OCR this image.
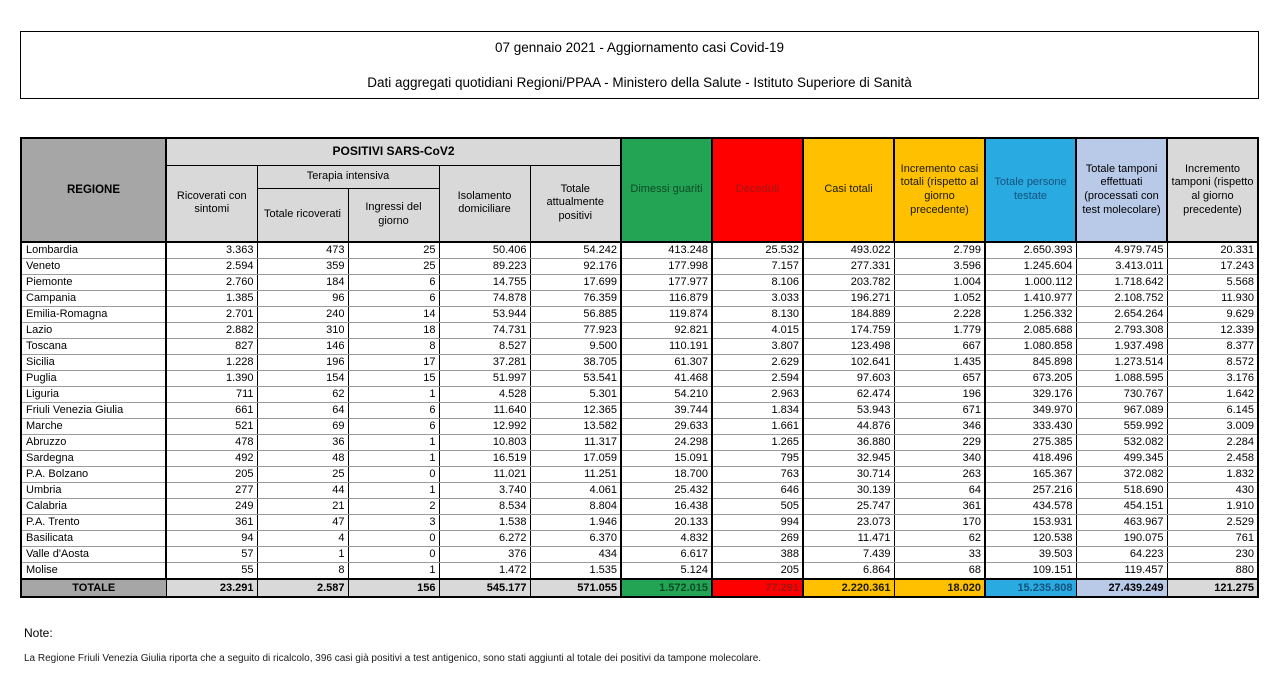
07 gennaio 2021 - Aggiornamento casi Covid-19
Dati aggregati quotidiani Regioni/PPAA - Ministero della Salute - Istituto Superiore di Sanità
REGIONE	POSITIVI SARS-CoV2					Dimessi guariti	Deceduti	Casi totali	Incremento casi totali (rispetto al giorno precedente)	Totale persone testate	Totale tamponi effettuati (processati con test molecolare)	Incremento tamponi (rispetto al giorno precedente)
	Ricoverati con sintomi	Terapia intensiva		Isolamento domiciliare	Totale attualmente positivi							
		Totale ricoverati	Ingressi del giorno									
Lombardia	3.363	473	25	50.406	54.242	413.248	25.532	493.022	2.799	2.650.393	4.979.745	20.331
Veneto	2.594	359	25	89.223	92.176	177.998	7.157	277.331	3.596	1.245.604	3.413.011	17.243
Piemonte	2.760	184	6	14.755	17.699	177.977	8.106	203.782	1.004	1.000.112	1.718.642	5.568
Campania	1.385	96	6	74.878	76.359	116.879	3.033	196.271	1.052	1.410.977	2.108.752	11.930
Emilia-Romagna	2.701	240	14	53.944	56.885	119.874	8.130	184.889	2.228	1.256.332	2.654.264	9.629
Lazio	2.882	310	18	74.731	77.923	92.821	4.015	174.759	1.779	2.085.688	2.793.308	12.339
Toscana	827	146	8	8.527	9.500	110.191	3.807	123.498	667	1.080.858	1.937.498	8.377
Sicilia	1.228	196	17	37.281	38.705	61.307	2.629	102.641	1.435	845.898	1.273.514	8.572
Puglia	1.390	154	15	51.997	53.541	41.468	2.594	97.603	657	673.205	1.088.595	3.176
Liguria	711	62	1	4.528	5.301	54.210	2.963	62.474	196	329.176	730.767	1.642
Friuli Venezia Giulia	661	64	6	11.640	12.365	39.744	1.834	53.943	671	349.970	967.089	6.145
Marche	521	69	6	12.992	13.582	29.633	1.661	44.876	346	333.430	559.992	3.009
Abruzzo	478	36	1	10.803	11.317	24.298	1.265	36.880	229	275.385	532.082	2.284
Sardegna	492	48	1	16.519	17.059	15.091	795	32.945	340	418.496	499.345	2.458
P.A. Bolzano	205	25	0	11.021	11.251	18.700	763	30.714	263	165.367	372.082	1.832
Umbria	277	44	1	3.740	4.061	25.432	646	30.139	64	257.216	518.690	430
Calabria	249	21	2	8.534	8.804	16.438	505	25.747	361	434.578	454.151	1.910
P.A. Trento	361	47	3	1.538	1.946	20.133	994	23.073	170	153.931	463.967	2.529
Basilicata	94	4	0	6.272	6.370	4.832	269	11.471	62	120.538	190.075	761
Valle d'Aosta	57	1	0	376	434	6.617	388	7.439	33	39.503	64.223	230
Molise	55	8	1	1.472	1.535	5.124	205	6.864	68	109.151	119.457	880
TOTALE	23.291	2.587	156	545.177	571.055	1.572.015	77.291	2.220.361	18.020	15.235.808	27.439.249	121.275
Note:
La Regione Friuli Venezia Giulia riporta che a seguito di ricalcolo, 396 casi già positivi a test antigenico, sono stati aggiunti al totale dei positivi da tampone molecolare.
